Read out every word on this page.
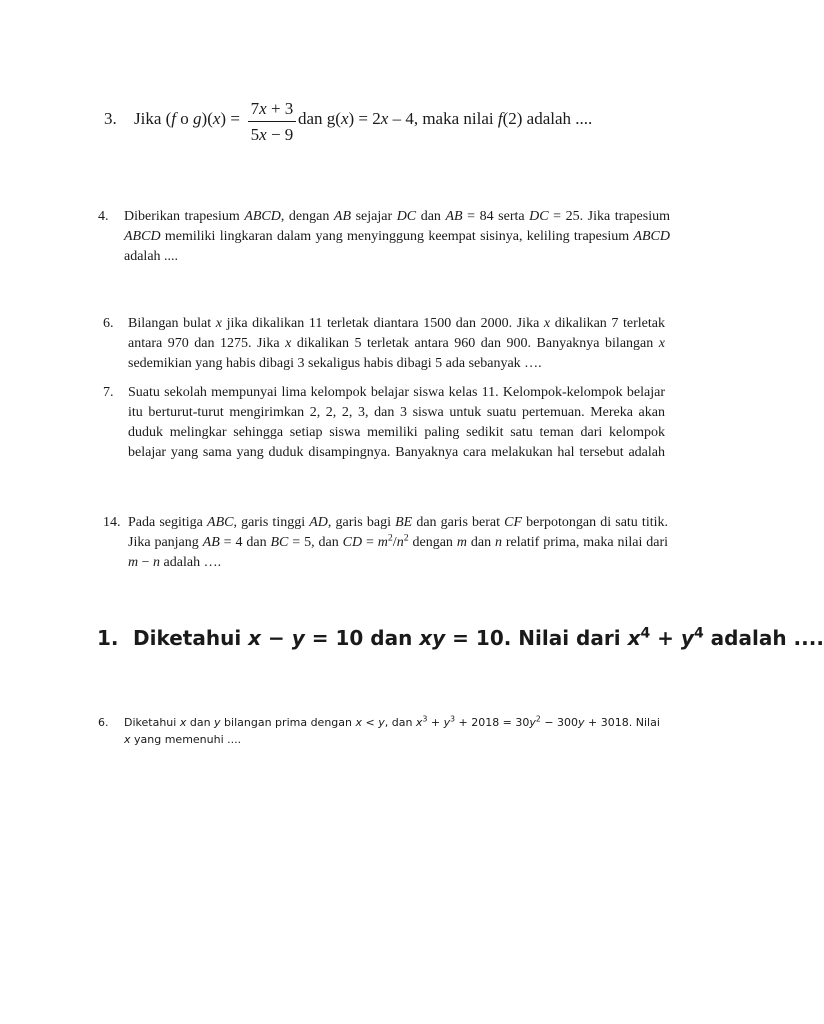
3. Jika (f o g)(x) =
7x + 3
5x − 9
dan g(x) = 2x – 4, maka nilai f(2) adalah ....
4. Diberikan trapesium ABCD, dengan AB sejajar DC dan AB = 84 serta DC = 25. Jika trapesium
ABCD memiliki lingkaran dalam yang menyinggung keempat sisinya, keliling trapesium ABCD
adalah ....
6. Bilangan bulat x jika dikalikan 11 terletak diantara 1500 dan 2000. Jika x dikalikan 7 terletak
antara 970 dan 1275. Jika x dikalikan 5 terletak antara 960 dan 900. Banyaknya bilangan x
sedemikian yang habis dibagi 3 sekaligus habis dibagi 5 ada sebanyak ….
7. Suatu sekolah mempunyai lima kelompok belajar siswa kelas 11. Kelompok-kelompok belajar
itu berturut-turut mengirimkan 2, 2, 2, 3, dan 3 siswa untuk suatu pertemuan. Mereka akan
duduk melingkar sehingga setiap siswa memiliki paling sedikit satu teman dari kelompok
belajar yang sama yang duduk disampingnya. Banyaknya cara melakukan hal tersebut adalah
14. Pada segitiga ABC, garis tinggi AD, garis bagi BE dan garis berat CF berpotongan di satu titik.
Jika panjang AB = 4 dan BC = 5, dan CD = $m^2/n^2$ dengan m dan n relatif prima, maka nilai dari
m − n adalah ….
1. Diketahui x − y = 10 dan xy = 10. Nilai dari $x^4 + y^4$ adalah ....
6. Diketahui x dan y bilangan prima dengan x < y, dan $x^3 + y^3 + 2018 = 30y^2 - 300y + 3018$. Nilai
x yang memenuhi ....
